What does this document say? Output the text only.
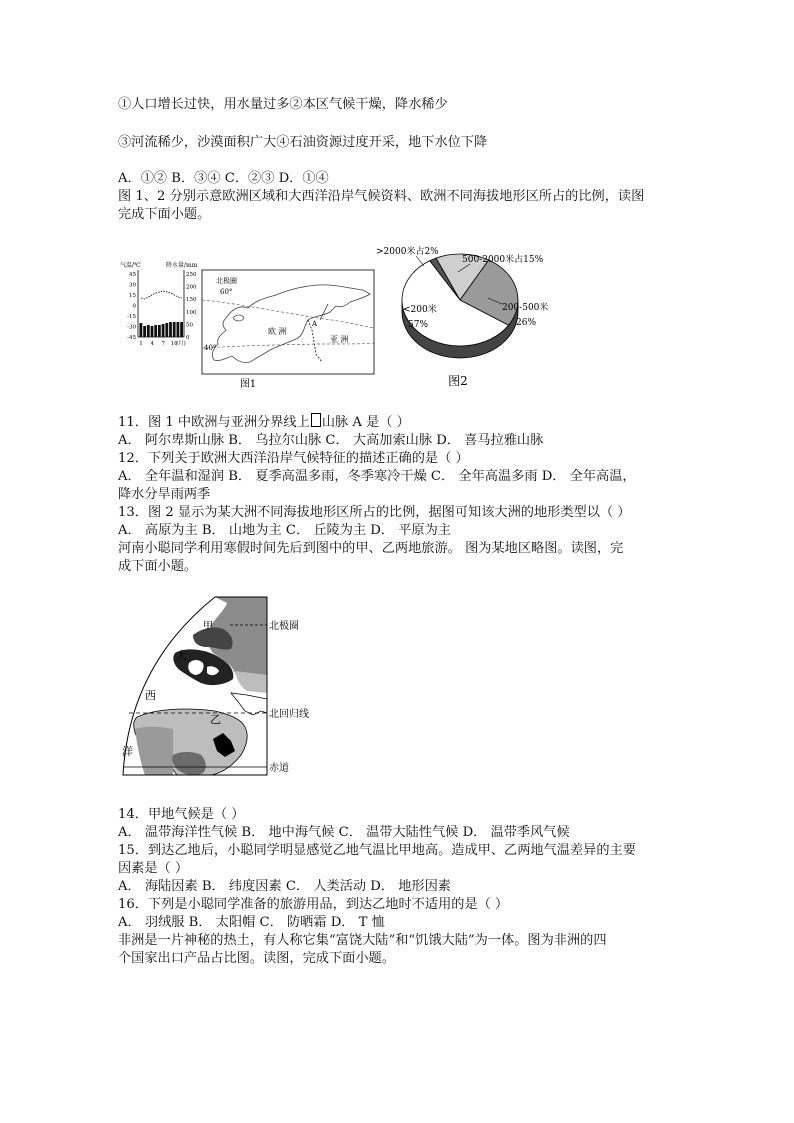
①人口增长过快，用水量过多②本区气候干燥，降水稀少
③河流稀少，沙漠面积广大④石油资源过度开采，地下水位下降
A．①② B．③④ C．②③ D．①④
图 1、2 分别示意欧洲区域和大西洋沿岸气候资料、欧洲不同海拔地形区所占的比例，读图
完成下面小题。
气温/℃	降水量/mm
45
30
15
0
-15
-30
-45
250
200
150
100
50
0
1 4 7 10
(月)
北极圈
60°
40°
欧 洲
亚 洲
A
图1
>2000米占2%
500-2000米占15%
200-500米
26%
<200米
57%
图2
11．图 1 中欧洲与亚洲分界线上 山脉 A 是（ ）
A． 阿尔卑斯山脉 B． 乌拉尔山脉 C． 大高加索山脉 D． 喜马拉雅山脉
12．下列关于欧洲大西洋沿岸气候特征的描述正确的是（ ）
A． 全年温和湿润 B． 夏季高温多雨，冬季寒冷干燥 C． 全年高温多雨 D． 全年高温，
降水分旱雨两季
13．图 2 显示为某大洲不同海拔地形区所占的比例，据图可知该大洲的地形类型以（ ）
A． 高原为主 B． 山地为主 C． 丘陵为主 D． 平原为主
河南小聪同学利用寒假时间先后到图中的甲、乙两地旅游。 图为某地区略图。读图，完
成下面小题。
北极圈
北回归线
赤道
甲
乙
大
西
洋
14．甲地气候是（ ）
A． 温带海洋性气候 B． 地中海气候 C． 温带大陆性气候 D． 温带季风气候
15．到达乙地后，小聪同学明显感觉乙地气温比甲地高。造成甲、乙两地气温差异的主要
因素是（ ）
A． 海陆因素 B． 纬度因素 C． 人类活动 D． 地形因素
16．下列是小聪同学准备的旅游用品，到达乙地时不适用的是（ ）
A． 羽绒服 B． 太阳帽 C． 防晒霜 D． T 恤
非洲是一片神秘的热土，有人称它集“富饶大陆”和“饥饿大陆”为一体。图为非洲的四
个国家出口产品占比图。读图，完成下面小题。
